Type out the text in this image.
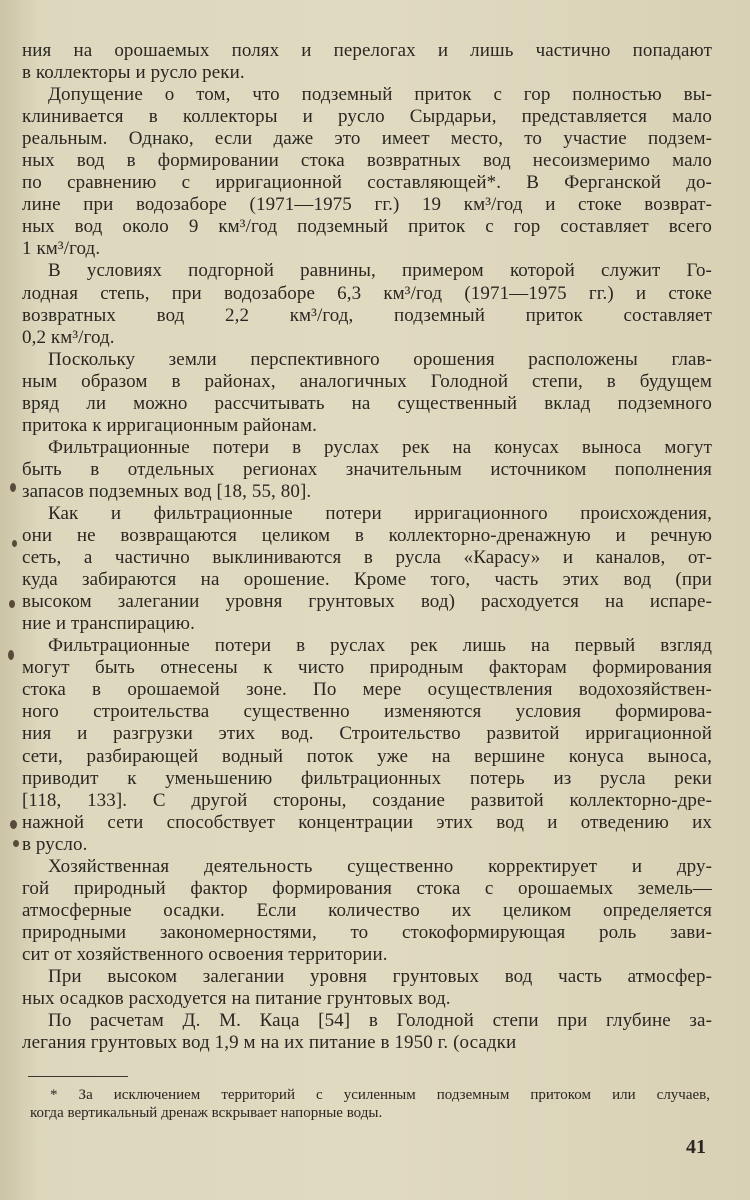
ния на орошаемых полях и перелогах и лишь частично попадают
в коллекторы и русло реки.
Допущение о том, что подземный приток с гор полностью вы-
клинивается в коллекторы и русло Сырдарьи, представляется мало
реальным. Однако, если даже это имеет место, то участие подзем-
ных вод в формировании стока возвратных вод несоизмеримо мало
по сравнению с ирригационной составляющей*. В Ферганской до-
лине при водозаборе (1971—1975 гг.) 19 км³/год и стоке возврат-
ных вод около 9 км³/год подземный приток с гор составляет всего
1 км³/год.
В условиях подгорной равнины, примером которой служит Го-
лодная степь, при водозаборе 6,3 км³/год (1971—1975 гг.) и стоке
возвратных вод 2,2 км³/год, подземный приток составляет
0,2 км³/год.
Поскольку земли перспективного орошения расположены глав-
ным образом в районах, аналогичных Голодной степи, в будущем
вряд ли можно рассчитывать на существенный вклад подземного
притока к ирригационным районам.
Фильтрационные потери в руслах рек на конусах выноса могут
быть в отдельных регионах значительным источником пополнения
запасов подземных вод [18, 55, 80].
Как и фильтрационные потери ирригационного происхождения,
они не возвращаются целиком в коллекторно-дренажную и речную
сеть, а частично выклиниваются в русла «Карасу» и каналов, от-
куда забираются на орошение. Кроме того, часть этих вод (при
высоком залегании уровня грунтовых вод) расходуется на испаре-
ние и транспирацию.
Фильтрационные потери в руслах рек лишь на первый взгляд
могут быть отнесены к чисто природным факторам формирования
стока в орошаемой зоне. По мере осуществления водохозяйствен-
ного строительства существенно изменяются условия формирова-
ния и разгрузки этих вод. Строительство развитой ирригационной
сети, разбирающей водный поток уже на вершине конуса выноса,
приводит к уменьшению фильтрационных потерь из русла реки
[118, 133]. С другой стороны, создание развитой коллекторно-дре-
нажной сети способствует концентрации этих вод и отведению их
в русло.
Хозяйственная деятельность существенно корректирует и дру-
гой природный фактор формирования стока с орошаемых земель—
атмосферные осадки. Если количество их целиком определяется
природными закономерностями, то стокоформирующая роль зави-
сит от хозяйственного освоения территории.
При высоком залегании уровня грунтовых вод часть атмосфер-
ных осадков расходуется на питание грунтовых вод.
По расчетам Д. М. Каца [54] в Голодной степи при глубине за-
легания грунтовых вод 1,9 м на их питание в 1950 г. (осадки
* За исключением территорий с усиленным подземным притоком или случаев,
когда вертикальный дренаж вскрывает напорные воды.
41
